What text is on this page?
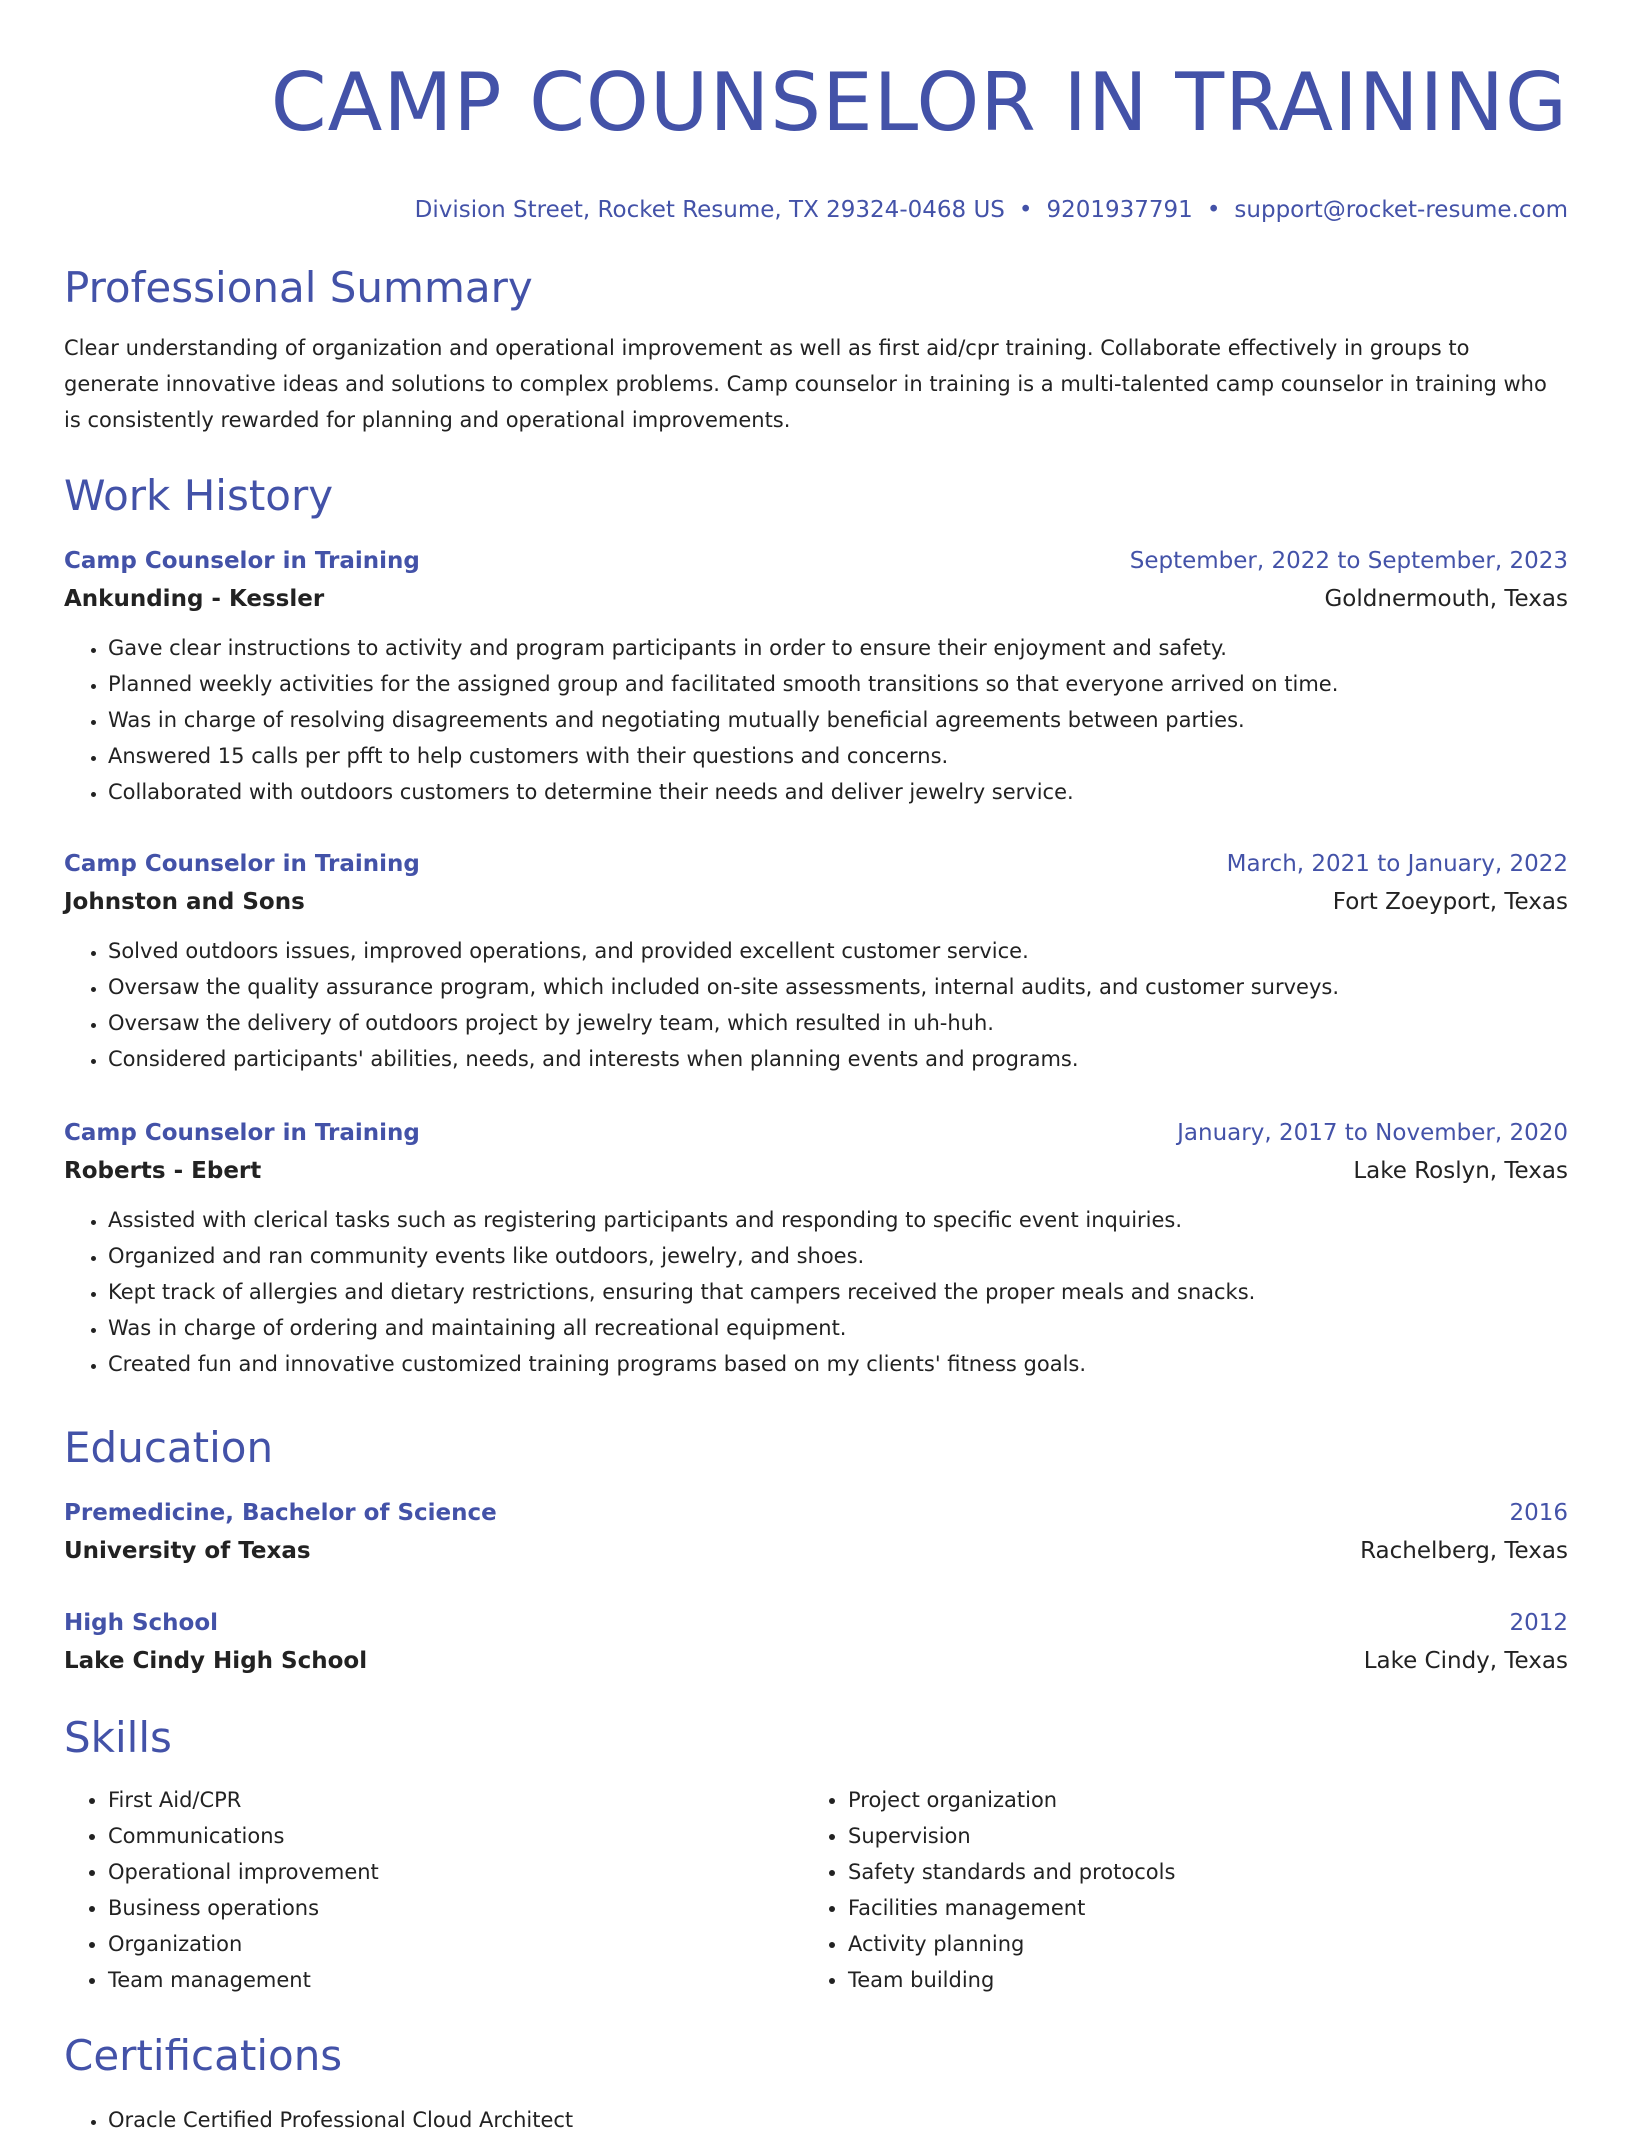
CAMP COUNSELOR IN TRAINING
Division Street, Rocket Resume, TX 29324-0468 US • 9201937791 • support@rocket-resume.com
Professional Summary
Clear understanding of organization and operational improvement as well as first aid/cpr training. Collaborate effectively in groups to generate innovative ideas and solutions to complex problems. Camp counselor in training is a multi-talented camp counselor in training who is consistently rewarded for planning and operational improvements.
Work History
Camp Counselor in Training	September, 2022 to September, 2023
Ankunding - Kessler	Goldnermouth, Texas
• Gave clear instructions to activity and program participants in order to ensure their enjoyment and safety.
• Planned weekly activities for the assigned group and facilitated smooth transitions so that everyone arrived on time.
• Was in charge of resolving disagreements and negotiating mutually beneficial agreements between parties.
• Answered 15 calls per pfft to help customers with their questions and concerns.
• Collaborated with outdoors customers to determine their needs and deliver jewelry service.
Camp Counselor in Training	March, 2021 to January, 2022
Johnston and Sons	Fort Zoeyport, Texas
• Solved outdoors issues, improved operations, and provided excellent customer service.
• Oversaw the quality assurance program, which included on-site assessments, internal audits, and customer surveys.
• Oversaw the delivery of outdoors project by jewelry team, which resulted in uh-huh.
• Considered participants' abilities, needs, and interests when planning events and programs.
Camp Counselor in Training	January, 2017 to November, 2020
Roberts - Ebert	Lake Roslyn, Texas
• Assisted with clerical tasks such as registering participants and responding to specific event inquiries.
• Organized and ran community events like outdoors, jewelry, and shoes.
• Kept track of allergies and dietary restrictions, ensuring that campers received the proper meals and snacks.
• Was in charge of ordering and maintaining all recreational equipment.
• Created fun and innovative customized training programs based on my clients' fitness goals.
Education
Premedicine, Bachelor of Science	2016
University of Texas	Rachelberg, Texas
High School	2012
Lake Cindy High School	Lake Cindy, Texas
Skills
• First Aid/CPR
• Communications
• Operational improvement
• Business operations
• Organization
• Team management
• Project organization
• Supervision
• Safety standards and protocols
• Facilities management
• Activity planning
• Team building
Certifications
• Oracle Certified Professional Cloud Architect
